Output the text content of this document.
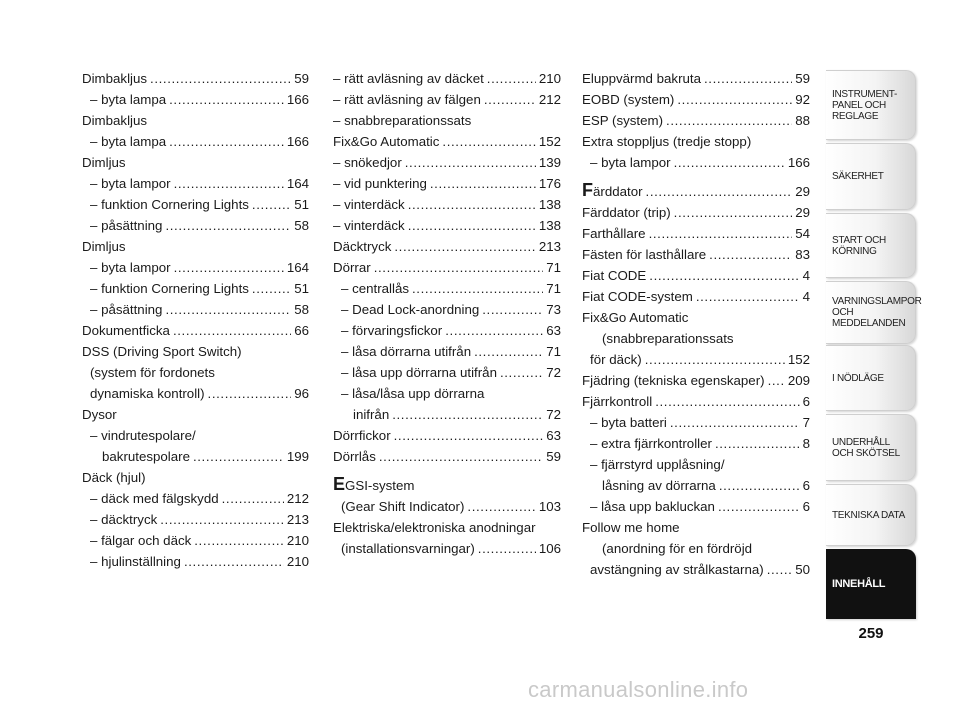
Dimbakljus .....	59
– byta lampa .....	166
Dimbakljus
– byta lampa .....	166
Dimljus
– byta lampor .....	164
– funktion Cornering Lights .....	51
– påsättning .....	58
Dimljus
– byta lampor .....	164
– funktion Cornering Lights .....	51
– påsättning .....	58
Dokumentficka .....	66
DSS (Driving Sport Switch)
(system för fordonets
dynamiska kontroll) .....	96
Dysor
– vindrutespolare/
bakrutespolare .....	199
Däck (hjul)
– däck med fälgskydd .....	212
– däcktryck .....	213
– fälgar och däck .....	210
– hjulinställning .....	210
– rätt avläsning av däcket .....	210
– rätt avläsning av fälgen .....	212
– snabbreparationssats
Fix&Go Automatic .....	152
– snökedjor .....	139
– vid punktering .....	176
– vinterdäck .....	138
– vinterdäck .....	138
Däcktryck .....	213
Dörrar .....	71
– centrallås .....	71
– Dead Lock-anordning .....	73
– förvaringsfickor .....	63
– låsa dörrarna utifrån .....	71
– låsa upp dörrarna utifrån .....	72
– låsa/låsa upp dörrarna
inifrån .....	72
Dörrfickor .....	63
Dörrlås .....	59
EGSI-system
(Gear Shift Indicator) .....	103
Elektriska/elektroniska anodningar
(installationsvarningar) .....	106
Eluppvärmd bakruta .....	59
EOBD (system) .....	92
ESP (system) .....	88
Extra stoppljus (tredje stopp)
– byta lampor .....	166
Färddator .....	29
Färddator (trip) .....	29
Farthållare .....	54
Fästen för lasthållare .....	83
Fiat CODE .....	4
Fiat CODE-system .....	4
Fix&Go Automatic
(snabbreparationssats
för däck) .....	152
Fjädring (tekniska egenskaper) ..... 209
Fjärrkontroll .....	6
– byta batteri .....	7
– extra fjärrkontroller .....	8
– fjärrstyrd upplåsning/
låsning av dörrarna .....	6
– låsa upp bakluckan .....	6
Follow me home
(anordning för en fördröjd
avstängning av strålkastarna) ..... 50
INSTRUMENT-
PANEL OCH
REGLAGE
SÄKERHET
START OCH
KÖRNING
VARNINGSLAMPOR
OCH
MEDDELANDEN
I NÖDLÄGE
UNDERHÅLL
OCH SKÖTSEL
TEKNISKA DATA
INNEHÅLL
259
carmanualsonline.info
